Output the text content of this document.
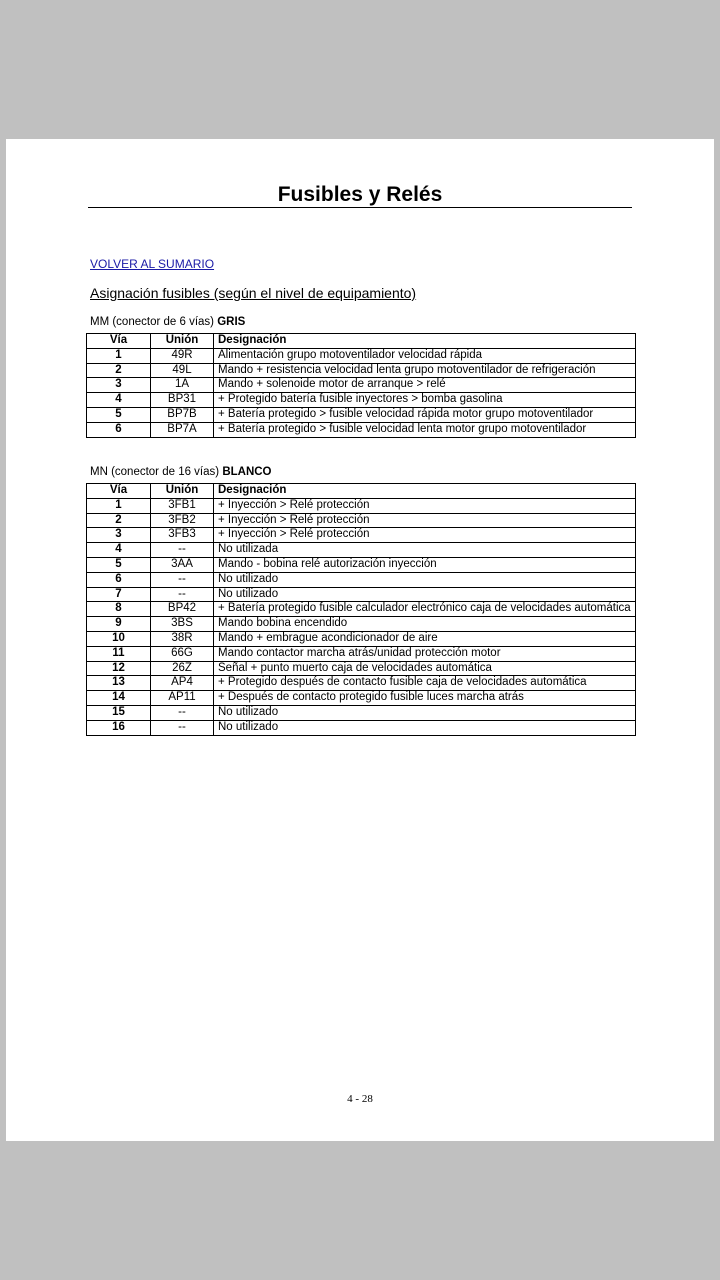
Fusibles y Relés
VOLVER AL SUMARIO
Asignación fusibles (según el nivel de equipamiento)
MM (conector de 6 vías) GRIS
Vía	Unión	Designación
1	49R	Alimentación grupo motoventilador velocidad rápida
2	49L	Mando + resistencia velocidad lenta grupo motoventilador de refrigeración
3	1A	Mando + solenoide motor de arranque > relé
4	BP31	+ Protegido batería fusible inyectores > bomba gasolina
5	BP7B	+ Batería protegido > fusible velocidad rápida motor grupo motoventilador
6	BP7A	+ Batería protegido > fusible velocidad lenta motor grupo motoventilador
MN (conector de 16 vías) BLANCO
Vía	Unión	Designación
1	3FB1	+ Inyección > Relé protección
2	3FB2	+ Inyección > Relé protección
3	3FB3	+ Inyección > Relé protección
4	--	No utilizada
5	3AA	Mando - bobina relé autorización inyección
6	--	No utilizado
7	--	No utilizado
8	BP42	+ Batería protegido fusible calculador electrónico caja de velocidades automática
9	3BS	Mando bobina encendido
10	38R	Mando + embrague acondicionador de aire
11	66G	Mando contactor marcha atrás/unidad protección motor
12	26Z	Señal + punto muerto caja de velocidades automática
13	AP4	+ Protegido después de contacto fusible caja de velocidades automática
14	AP11	+ Después de contacto protegido fusible luces marcha atrás
15	--	No utilizado
16	--	No utilizado
4 - 28
